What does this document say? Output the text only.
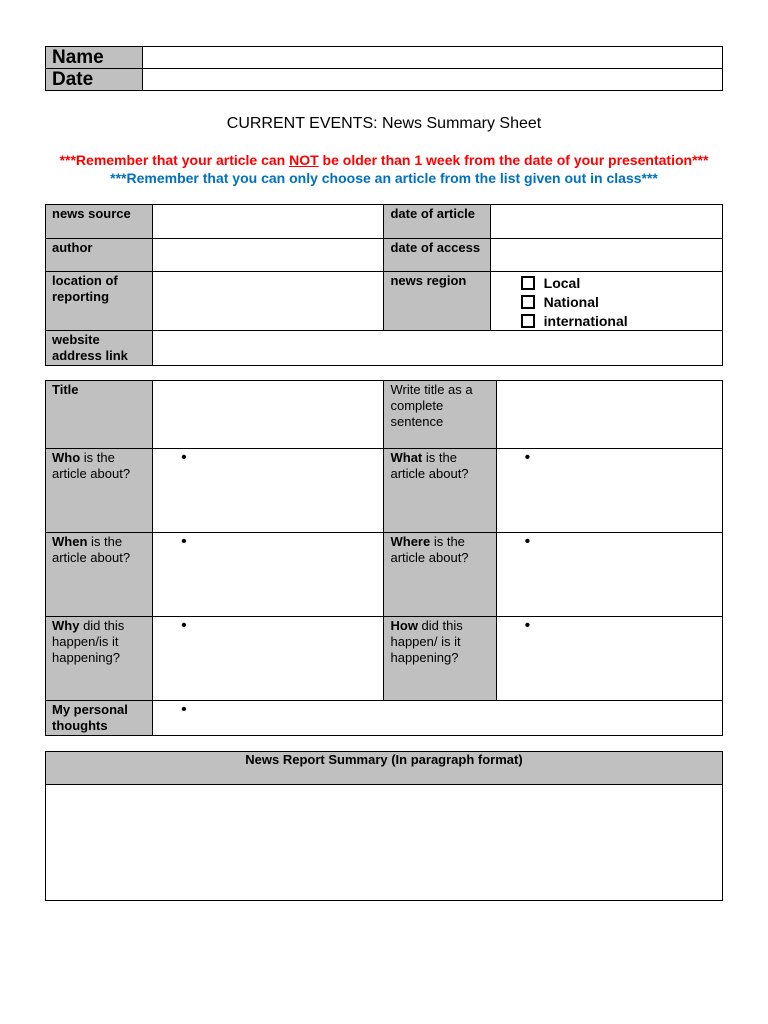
Name	
Date	
CURRENT EVENTS: News Summary Sheet
***Remember that your article can NOT be older than 1 week from the date of your presentation***
***Remember that you can only choose an article from the list given out in class***
news source		date of article	
author		date of access	
location of reporting		news region	Local
National
international

website address link			
Title		Write title as a complete sentence	
Who is the article about?	•	What is the article about?	•
When is the article about?	•	Where is the article about?	•
Why did this happen/is it happening?	•	How did this happen/ is it happening?	•
My personal thoughts	•		
News Report Summary (In paragraph format)
